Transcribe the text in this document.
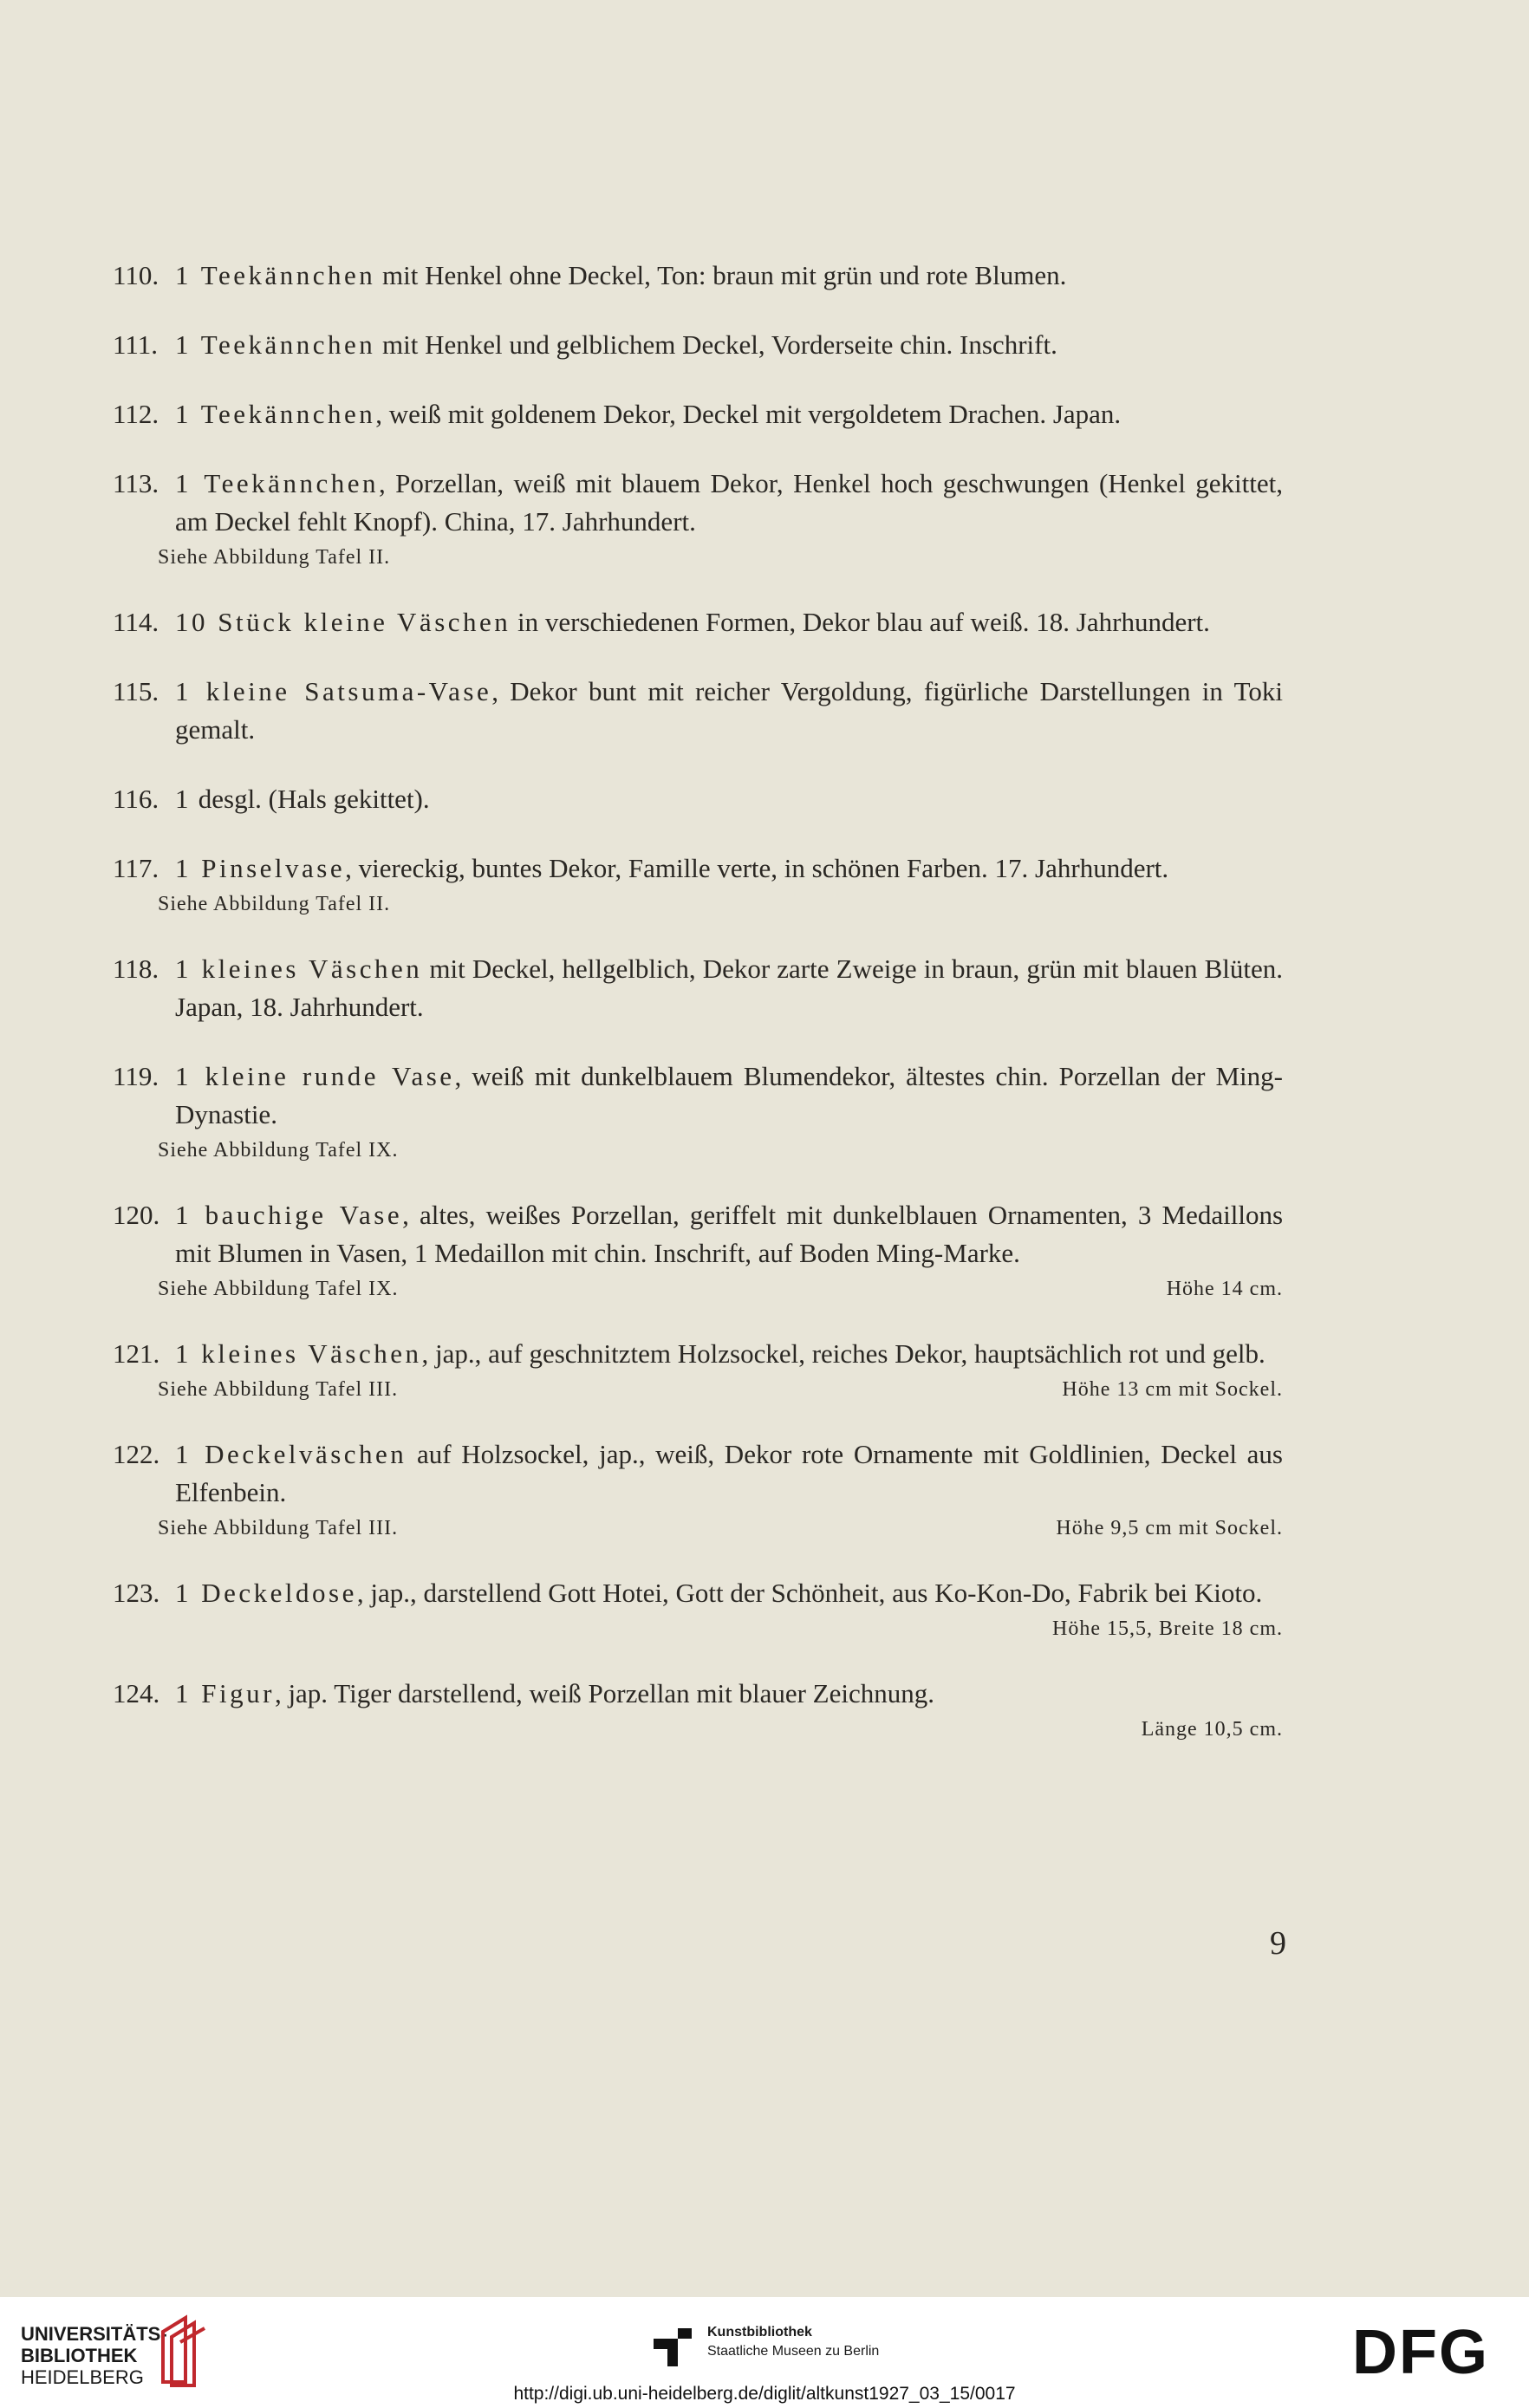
110. 1 Teekännchen mit Henkel ohne Deckel, Ton: braun mit grün und rote Blumen.
111. 1 Teekännchen mit Henkel und gelblichem Deckel, Vorderseite chin. Inschrift.
112. 1 Teekännchen, weiß mit goldenem Dekor, Deckel mit vergoldetem Drachen. Japan.
113. 1 Teekännchen, Porzellan, weiß mit blauem Dekor, Henkel hoch geschwungen (Henkel gekittet, am Deckel fehlt Knopf). China, 17. Jahrhundert.
Siehe Abbildung Tafel II.
114. 10 Stück kleine Väschen in verschiedenen Formen, Dekor blau auf weiß. 18. Jahrhundert.
115. 1 kleine Satsuma-Vase, Dekor bunt mit reicher Vergoldung, figürliche Darstellungen in Toki gemalt.
116. 1 desgl. (Hals gekittet).
117. 1 Pinselvase, viereckig, buntes Dekor, Famille verte, in schönen Farben. 17. Jahrhundert.
Siehe Abbildung Tafel II.
118. 1 kleines Väschen mit Deckel, hellgelblich, Dekor zarte Zweige in braun, grün mit blauen Blüten. Japan, 18. Jahrhundert.
119. 1 kleine runde Vase, weiß mit dunkelblauem Blumendekor, ältestes chin. Porzellan der Ming-Dynastie.
Siehe Abbildung Tafel IX.
120. 1 bauchige Vase, altes, weißes Porzellan, geriffelt mit dunkelblauen Ornamenten, 3 Medaillons mit Blumen in Vasen, 1 Medaillon mit chin. Inschrift, auf Boden Ming-Marke.
Siehe Abbildung Tafel IX.	Höhe 14 cm.
121. 1 kleines Väschen, jap., auf geschnitztem Holzsockel, reiches Dekor, hauptsächlich rot und gelb.
Siehe Abbildung Tafel III.	Höhe 13 cm mit Sockel.
122. 1 Deckelväschen auf Holzsockel, jap., weiß, Dekor rote Ornamente mit Goldlinien, Deckel aus Elfenbein.
Siehe Abbildung Tafel III.	Höhe 9,5 cm mit Sockel.
123. 1 Deckeldose, jap., darstellend Gott Hotei, Gott der Schönheit, aus Ko-Kon-Do, Fabrik bei Kioto.
Höhe 15,5, Breite 18 cm.
124. 1 Figur, jap. Tiger darstellend, weiß Porzellan mit blauer Zeichnung.
Länge 10,5 cm.
9
UNIVERSITÄTS-
BIBLIOTHEK
HEIDELBERG
Kunstbibliothek
Staatliche Museen zu Berlin	DFG
http://digi.ub.uni-heidelberg.de/diglit/altkunst1927_03_15/0017
